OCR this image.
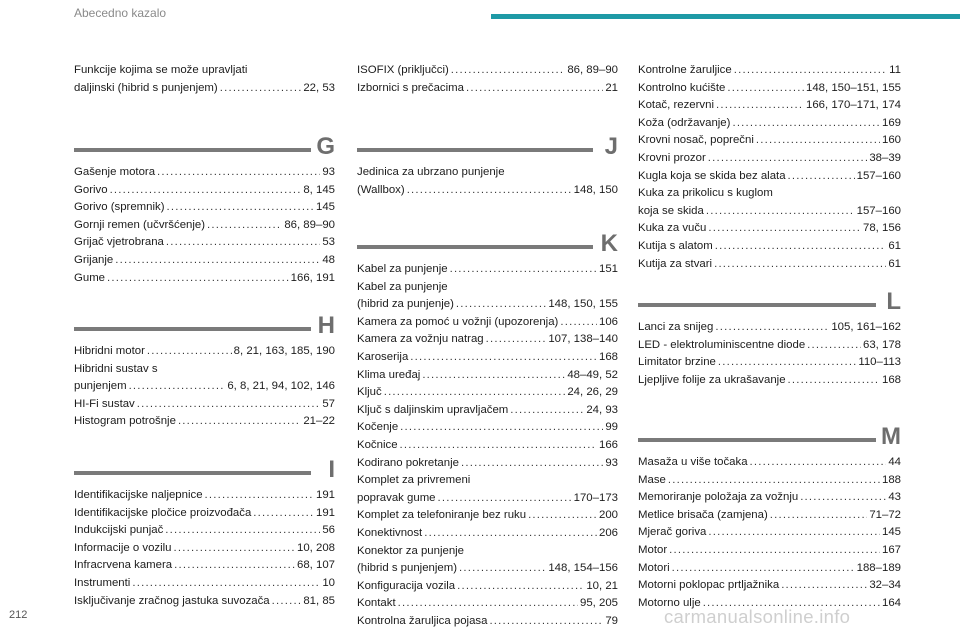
Abecedno kazalo
212	carmanualsonline.info
Funkcije kojima se može upravljati
daljinski (hibrid s punjenjem) .....	22, 53
G
Gašenje motora .....	93
Gorivo .....	8, 145
Gorivo (spremnik) .....	145
Gornji remen (učvršćenje) .....	86, 89–90
Grijač vjetrobrana .....	53
Grijanje .....	48
Gume .....	166, 191
H
Hibridni motor .....	8, 21, 163, 185, 190
Hibridni sustav s
punjenjem .....	6, 8, 21, 94, 102, 146
HI-Fi sustav .....	57
Histogram potrošnje .....	21–22
I
Identifikacijske naljepnice .....	191
Identifikacijske pločice proizvođača .....	191
Indukcijski punjač .....	56
Informacije o vozilu .....	10, 208
Infracrvena kamera .....	68, 107
Instrumenti .....	10
Isključivanje zračnog jastuka suvozača .....	81, 85
ISOFIX (priključci) .....	86, 89–90
Izbornici s prečacima .....	21
J
Jedinica za ubrzano punjenje
(Wallbox) .....	148, 150
K
Kabel za punjenje .....	151
Kabel za punjenje
(hibrid za punjenje) .....	148, 150, 155
Kamera za pomoć u vožnji (upozorenja) .....	106
Kamera za vožnju natrag .....	107, 138–140
Karoserija .....	168
Klima uređaj .....	48–49, 52
Ključ .....	24, 26, 29
Ključ s daljinskim upravljačem .....	24, 93
Kočenje .....	99
Kočnice .....	166
Kodirano pokretanje .....	93
Komplet za privremeni
popravak gume .....	170–173
Komplet za telefoniranje bez ruku .....	200
Konektivnost .....	206
Konektor za punjenje
(hibrid s punjenjem) .....	148, 154–156
Konfiguracija vozila .....	10, 21
Kontakt .....	95, 205
Kontrolna žaruljica pojasa .....	79
Kontrolne žaruljice .....	11
Kontrolno kućište .....	148, 150–151, 155
Kotač, rezervni .....	166, 170–171, 174
Koža (održavanje) .....	169
Krovni nosač, poprečni .....	160
Krovni prozor .....	38–39
Kugla koja se skida bez alata .....	157–160
Kuka za prikolicu s kuglom
koja se skida .....	157–160
Kuka za vuču .....	78, 156
Kutija s alatom .....	61
Kutija za stvari .....	61
L
Lanci za snijeg .....	105, 161–162
LED - elektroluminiscentne diode .....	63, 178
Limitator brzine .....	110–113
Ljepljive folije za ukrašavanje .....	168
M
Masaža u više točaka .....	44
Mase .....	188
Memoriranje položaja za vožnju .....	43
Metlice brisača (zamjena) .....	71–72
Mjerač goriva .....	145
Motor .....	167
Motori .....	188–189
Motorni poklopac prtljažnika .....	32–34
Motorno ulje .....	164
